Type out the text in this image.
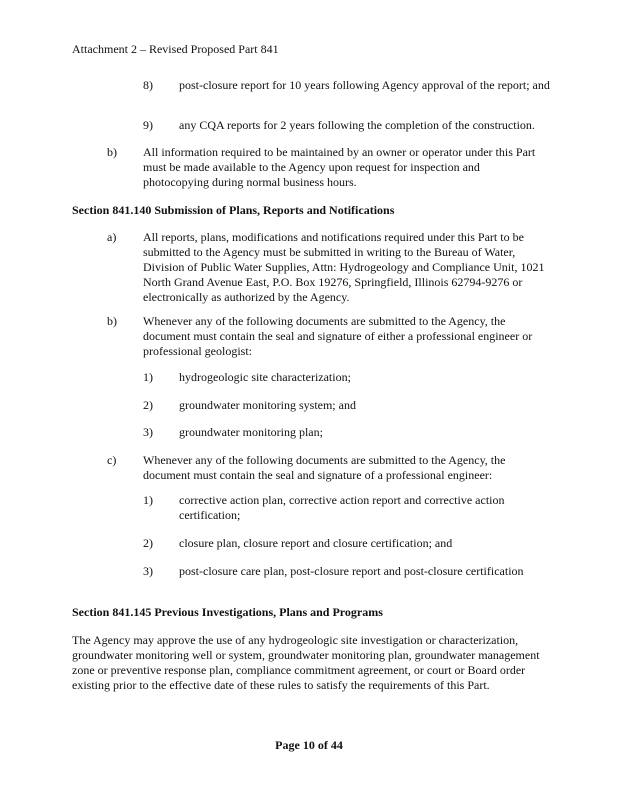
Attachment 2 – Revised Proposed Part 841
8) post-closure report for 10 years following Agency approval of the report; and
9) any CQA reports for 2 years following the completion of the construction.
b) All information required to be maintained by an owner or operator under this Part must be made available to the Agency upon request for inspection and photocopying during normal business hours.
Section 841.140 Submission of Plans, Reports and Notifications
a) All reports, plans, modifications and notifications required under this Part to be submitted to the Agency must be submitted in writing to the Bureau of Water, Division of Public Water Supplies, Attn: Hydrogeology and Compliance Unit, 1021 North Grand Avenue East, P.O. Box 19276, Springfield, Illinois 62794-9276 or electronically as authorized by the Agency.
b) Whenever any of the following documents are submitted to the Agency, the document must contain the seal and signature of either a professional engineer or professional geologist:
1) hydrogeologic site characterization;
2) groundwater monitoring system; and
3) groundwater monitoring plan;
c) Whenever any of the following documents are submitted to the Agency, the document must contain the seal and signature of a professional engineer:
1) corrective action plan, corrective action report and corrective action certification;
2) closure plan, closure report and closure certification; and
3) post-closure care plan, post-closure report and post-closure certification
Section 841.145 Previous Investigations, Plans and Programs
The Agency may approve the use of any hydrogeologic site investigation or characterization, groundwater monitoring well or system, groundwater monitoring plan, groundwater management zone or preventive response plan, compliance commitment agreement, or court or Board order existing prior to the effective date of these rules to satisfy the requirements of this Part.
Page 10 of 44
